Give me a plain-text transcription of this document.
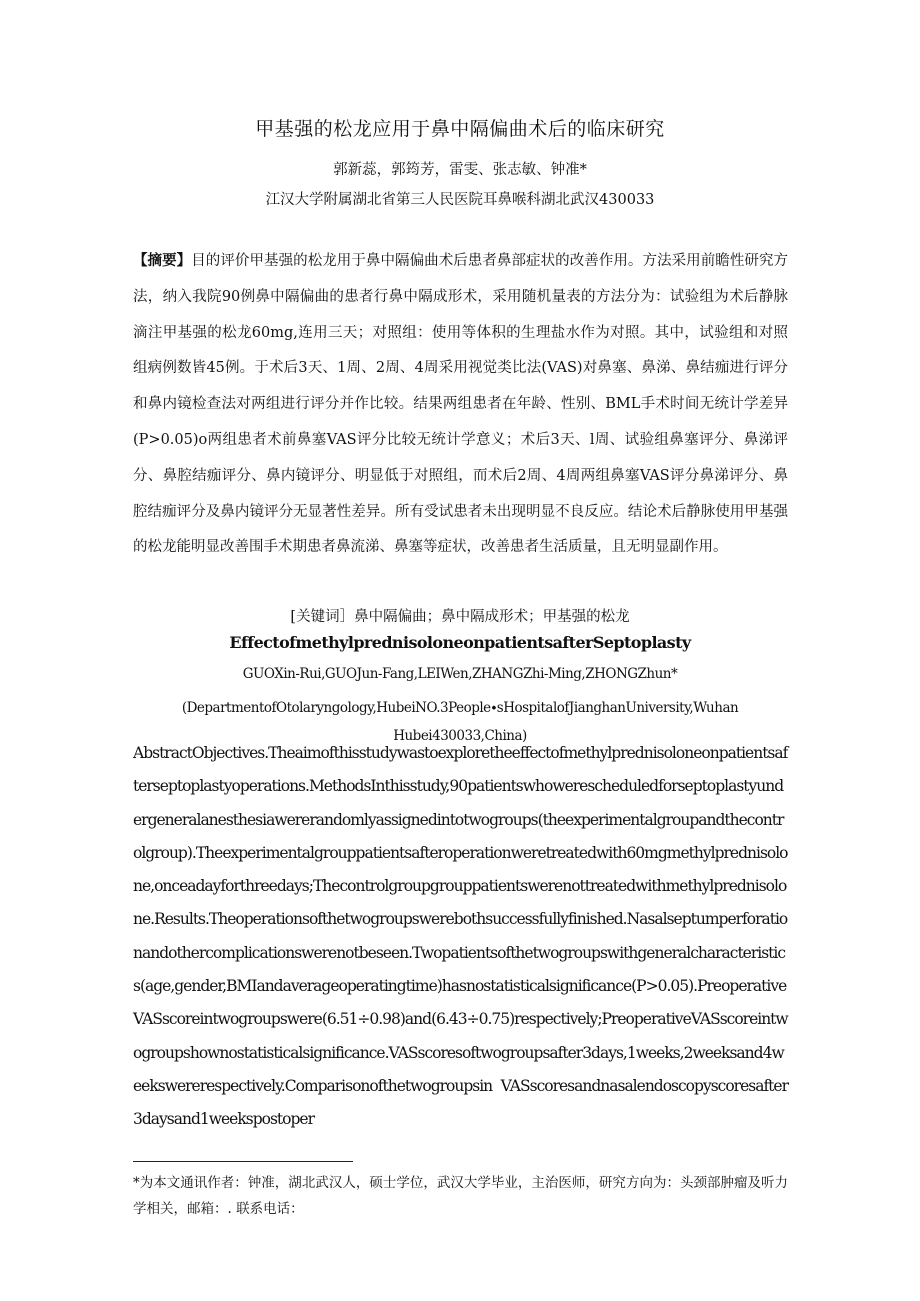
甲基强的松龙应用于鼻中隔偏曲术后的临床研究
郭新蕊，郭筠芳，雷雯、张志敏、钟准*
江汉大学附属湖北省第三人民医院耳鼻喉科湖北武汉430033
【摘要】目的评价甲基强的松龙用于鼻中隔偏曲术后患者鼻部症状的改善作用。方法采用前瞻性研究方法，纳入我院90例鼻中隔偏曲的患者行鼻中隔成形术，采用随机量表的方法分为：试验组为术后静脉滴注甲基强的松龙60mg,连用三天；对照组：使用等体积的生理盐水作为对照。其中，试验组和对照组病例数皆45例。于术后3天、1周、2周、4周采用视觉类比法(VAS)对鼻塞、鼻涕、鼻结痂进行评分和鼻内镜检查法对两组进行评分并作比较。结果两组患者在年龄、性别、BML手术时间无统计学差异(P>0.05)o两组患者术前鼻塞VAS评分比较无统计学意义；术后3天、l周、试验组鼻塞评分、鼻涕评分、鼻腔结痂评分、鼻内镜评分、明显低于对照组，而术后2周、4周两组鼻塞VAS评分鼻涕评分、鼻腔结痂评分及鼻内镜评分无显著性差异。所有受试患者未出现明显不良反应。结论术后静脉使用甲基强的松龙能明显改善围手术期患者鼻流涕、鼻塞等症状，改善患者生活质量，且无明显副作用。
[关键词］鼻中隔偏曲；鼻中隔成形术；甲基强的松龙
EffectofmethylprednisoloneonpatientsafterSeptoplasty
GUOXin-Rui,GUOJun-Fang,LEIWen,ZHANGZhi-Ming,ZHONGZhun*
(DepartmentofOtolaryngology,HubeiNO.3People∙sHospitalofJianghanUniversity,Wuhan
Hubei430033,China)
AbstractObjectives.Theaimofthisstudywastoexploretheeffectofmethylprednisoloneonpatientsafterseptoplastyoperations.MethodsInthisstudy,90patientswhowerescheduledforseptoplastyundergeneralanesthesiawererandomlyassignedintotwogroups(theexperimentalgroupandthecontrolgroup).Theexperimentalgrouppatientsafteroperationweretreatedwith60mgmethylprednisolone,onceadayforthreedays;Thecontrolgroupgrouppatientswerenottreatedwithmethylprednisolone.Results.Theoperationsofthetwogroupswerebothsuccessfullyfinished.Nasalseptumperforationandothercomplicationswerenotbeseen.Twopatientsofthetwogroupswithgeneralcharacteristics(age,gender,BMIandaverageoperatingtime)hasnostatisticalsignificance(P>0.05).PreoperativeVASscoreintwogroupswere(6.51÷0.98)and(6.43÷0.75)respectively;PreoperativeVASscoreintwogroupshownostatisticalsignificance.VASscoresoftwogroupsafter3days,1weeks,2weeksand4weekswererespectively.Comparisonofthetwogroupsin VASscoresandnasalendoscopyscoresafter3daysand1weekspostoper
*为本文通讯作者：钟准，湖北武汉人，硕士学位，武汉大学毕业，主治医师，研究方向为：头颈部肿瘤及听力学相关，邮箱：. 联系电话：
